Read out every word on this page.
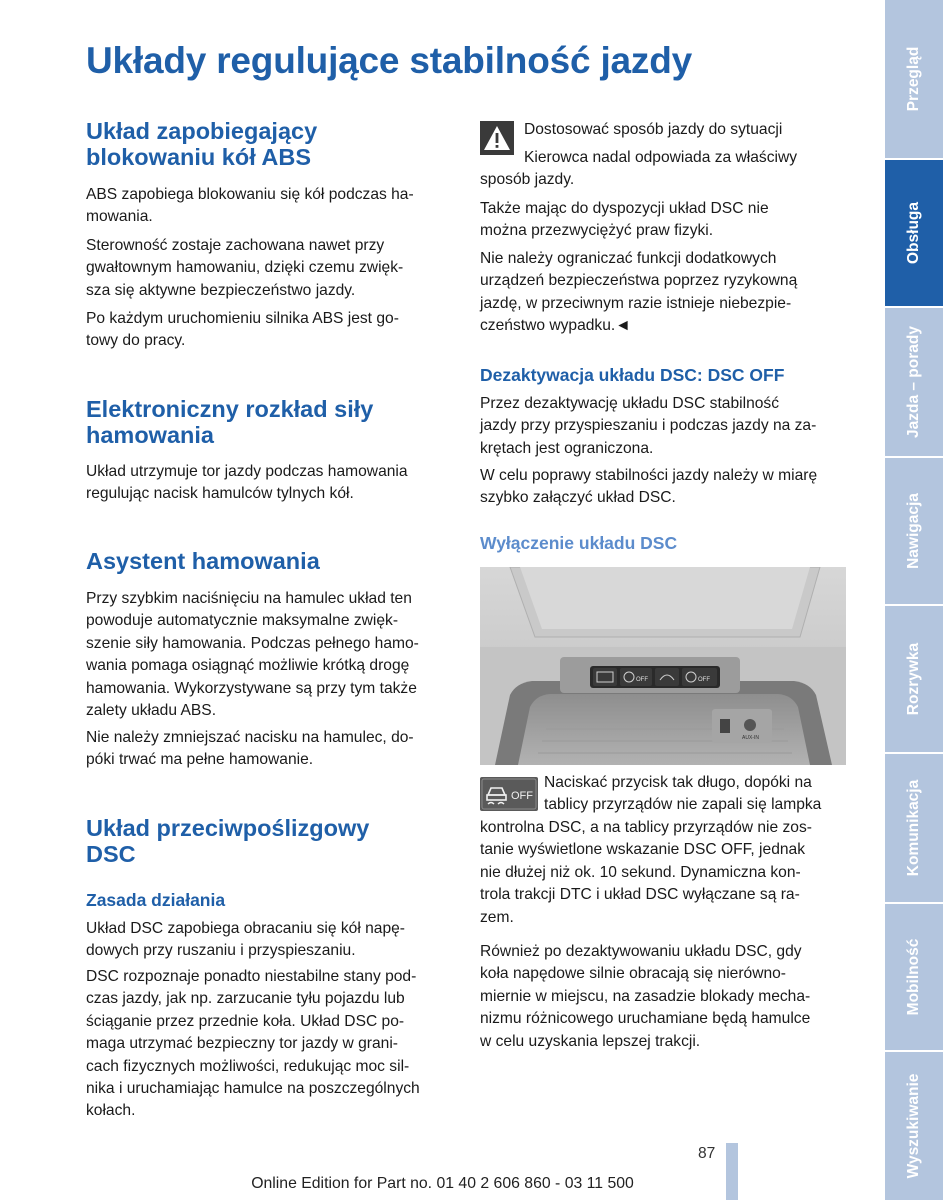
Układy regulujące stabilność jazdy
Układ zapobiegający
blokowaniu kół ABS
ABS zapobiega blokowaniu się kół podczas ha-
mowania.
Sterowność zostaje zachowana nawet przy
gwałtownym hamowaniu, dzięki czemu zwięk-
sza się aktywne bezpieczeństwo jazdy.
Po każdym uruchomieniu silnika ABS jest go-
towy do pracy.
Elektroniczny rozkład siły
hamowania
Układ utrzymuje tor jazdy podczas hamowania
regulując nacisk hamulców tylnych kół.
Asystent hamowania
Przy szybkim naciśnięciu na hamulec układ ten
powoduje automatycznie maksymalne zwięk-
szenie siły hamowania. Podczas pełnego hamo-
wania pomaga osiągnąć możliwie krótką drogę
hamowania. Wykorzystywane są przy tym także
zalety układu ABS.
Nie należy zmniejszać nacisku na hamulec, do-
póki trwać ma pełne hamowanie.
Układ przeciwpoślizgowy
DSC
Zasada działania
Układ DSC zapobiega obracaniu się kół napę-
dowych przy ruszaniu i przyspieszaniu.
DSC rozpoznaje ponadto niestabilne stany pod-
czas jazdy, jak np. zarzucanie tyłu pojazdu lub
ściąganie przez przednie koła. Układ DSC po-
maga utrzymać bezpieczny tor jazdy w grani-
cach fizycznych możliwości, redukując moc sil-
nika i uruchamiając hamulce na poszczególnych
kołach.
Dostosować sposób jazdy do sytuacji
Kierowca nadal odpowiada za właściwy
sposób jazdy.
Także mając do dyspozycji układ DSC nie
można przezwyciężyć praw fizyki.
Nie należy ograniczać funkcji dodatkowych
urządzeń bezpieczeństwa poprzez ryzykowną
jazdę, w przeciwnym razie istnieje niebezpie-
czeństwo wypadku.◄
Dezaktywacja układu DSC: DSC OFF
Przez dezaktywację układu DSC stabilność
jazdy przy przyspieszaniu i podczas jazdy na za-
krętach jest ograniczona.
W celu poprawy stabilności jazdy należy w miarę
szybko załączyć układ DSC.
Wyłączenie układu DSC
OFF	OFF
AUX-IN
OFF
Naciskać przycisk tak długo, dopóki na
tablicy przyrządów nie zapali się lampka
kontrolna DSC, a na tablicy przyrządów nie zos-
tanie wyświetlone wskazanie DSC OFF, jednak
nie dłużej niż ok. 10 sekund. Dynamiczna kon-
trola trakcji DTC i układ DSC wyłączane są ra-
zem.
Również po dezaktywowaniu układu DSC, gdy
koła napędowe silnie obracają się nierówno-
miernie w miejscu, na zasadzie blokady mecha-
nizmu różnicowego uruchamiane będą hamulce
w celu uzyskania lepszej trakcji.
Przegląd
Obsługa
Jazda – porady
Nawigacja
Rozrywka
Komunikacja
Mobilność
Wyszukiwanie
87
Online Edition for Part no. 01 40 2 606 860 - 03 11 500
